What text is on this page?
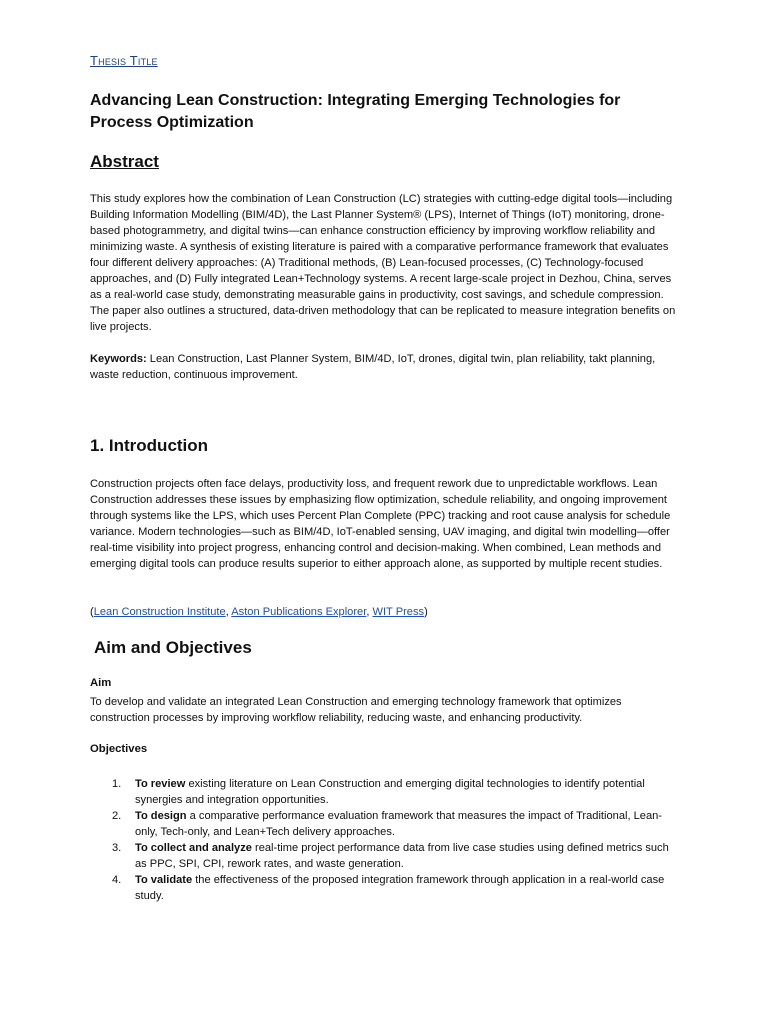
Thesis Title
Advancing Lean Construction: Integrating Emerging Technologies for Process Optimization
Abstract

This study explores how the combination of Lean Construction (LC) strategies with cutting-edge digital tools—including Building Information Modelling (BIM/4D), the Last Planner System® (LPS), Internet of Things (IoT) monitoring, drone-based photogrammetry, and digital twins—can enhance construction efficiency by improving workflow reliability and minimizing waste. A synthesis of existing literature is paired with a comparative performance framework that evaluates four different delivery approaches: (A) Traditional methods, (B) Lean-focused processes, (C) Technology-focused approaches, and (D) Fully integrated Lean+Technology systems. A recent large-scale project in Dezhou, China, serves as a real-world case study, demonstrating measurable gains in productivity, cost savings, and schedule compression. The paper also outlines a structured, data-driven methodology that can be replicated to measure integration benefits on live projects.

Keywords: Lean Construction, Last Planner System, BIM/4D, IoT, drones, digital twin, plan reliability, takt planning, waste reduction, continuous improvement.

1. Introduction

Construction projects often face delays, productivity loss, and frequent rework due to unpredictable workflows. Lean Construction addresses these issues by emphasizing flow optimization, schedule reliability, and ongoing improvement through systems like the LPS, which uses Percent Plan Complete (PPC) tracking and root cause analysis for schedule variance. Modern technologies—such as BIM/4D, IoT-enabled sensing, UAV imaging, and digital twin modelling—offer real-time visibility into project progress, enhancing control and decision-making. When combined, Lean methods and emerging digital tools can produce results superior to either approach alone, as supported by multiple recent studies.

(Lean Construction Institute, Aston Publications Explorer, WIT Press)

Aim and Objectives
Aim

To develop and validate an integrated Lean Construction and emerging technology framework that optimizes construction processes by improving workflow reliability, reducing waste, and enhancing productivity.

Objectives
1. To review existing literature on Lean Construction and emerging digital technologies to identify potential synergies and integration opportunities.
2. To design a comparative performance evaluation framework that measures the impact of Traditional, Lean-only, Tech-only, and Lean+Tech delivery approaches.
3. To collect and analyze real-time project performance data from live case studies using defined metrics such as PPC, SPI, CPI, rework rates, and waste generation.
4. To validate the effectiveness of the proposed integration framework through application in a real-world case study.
